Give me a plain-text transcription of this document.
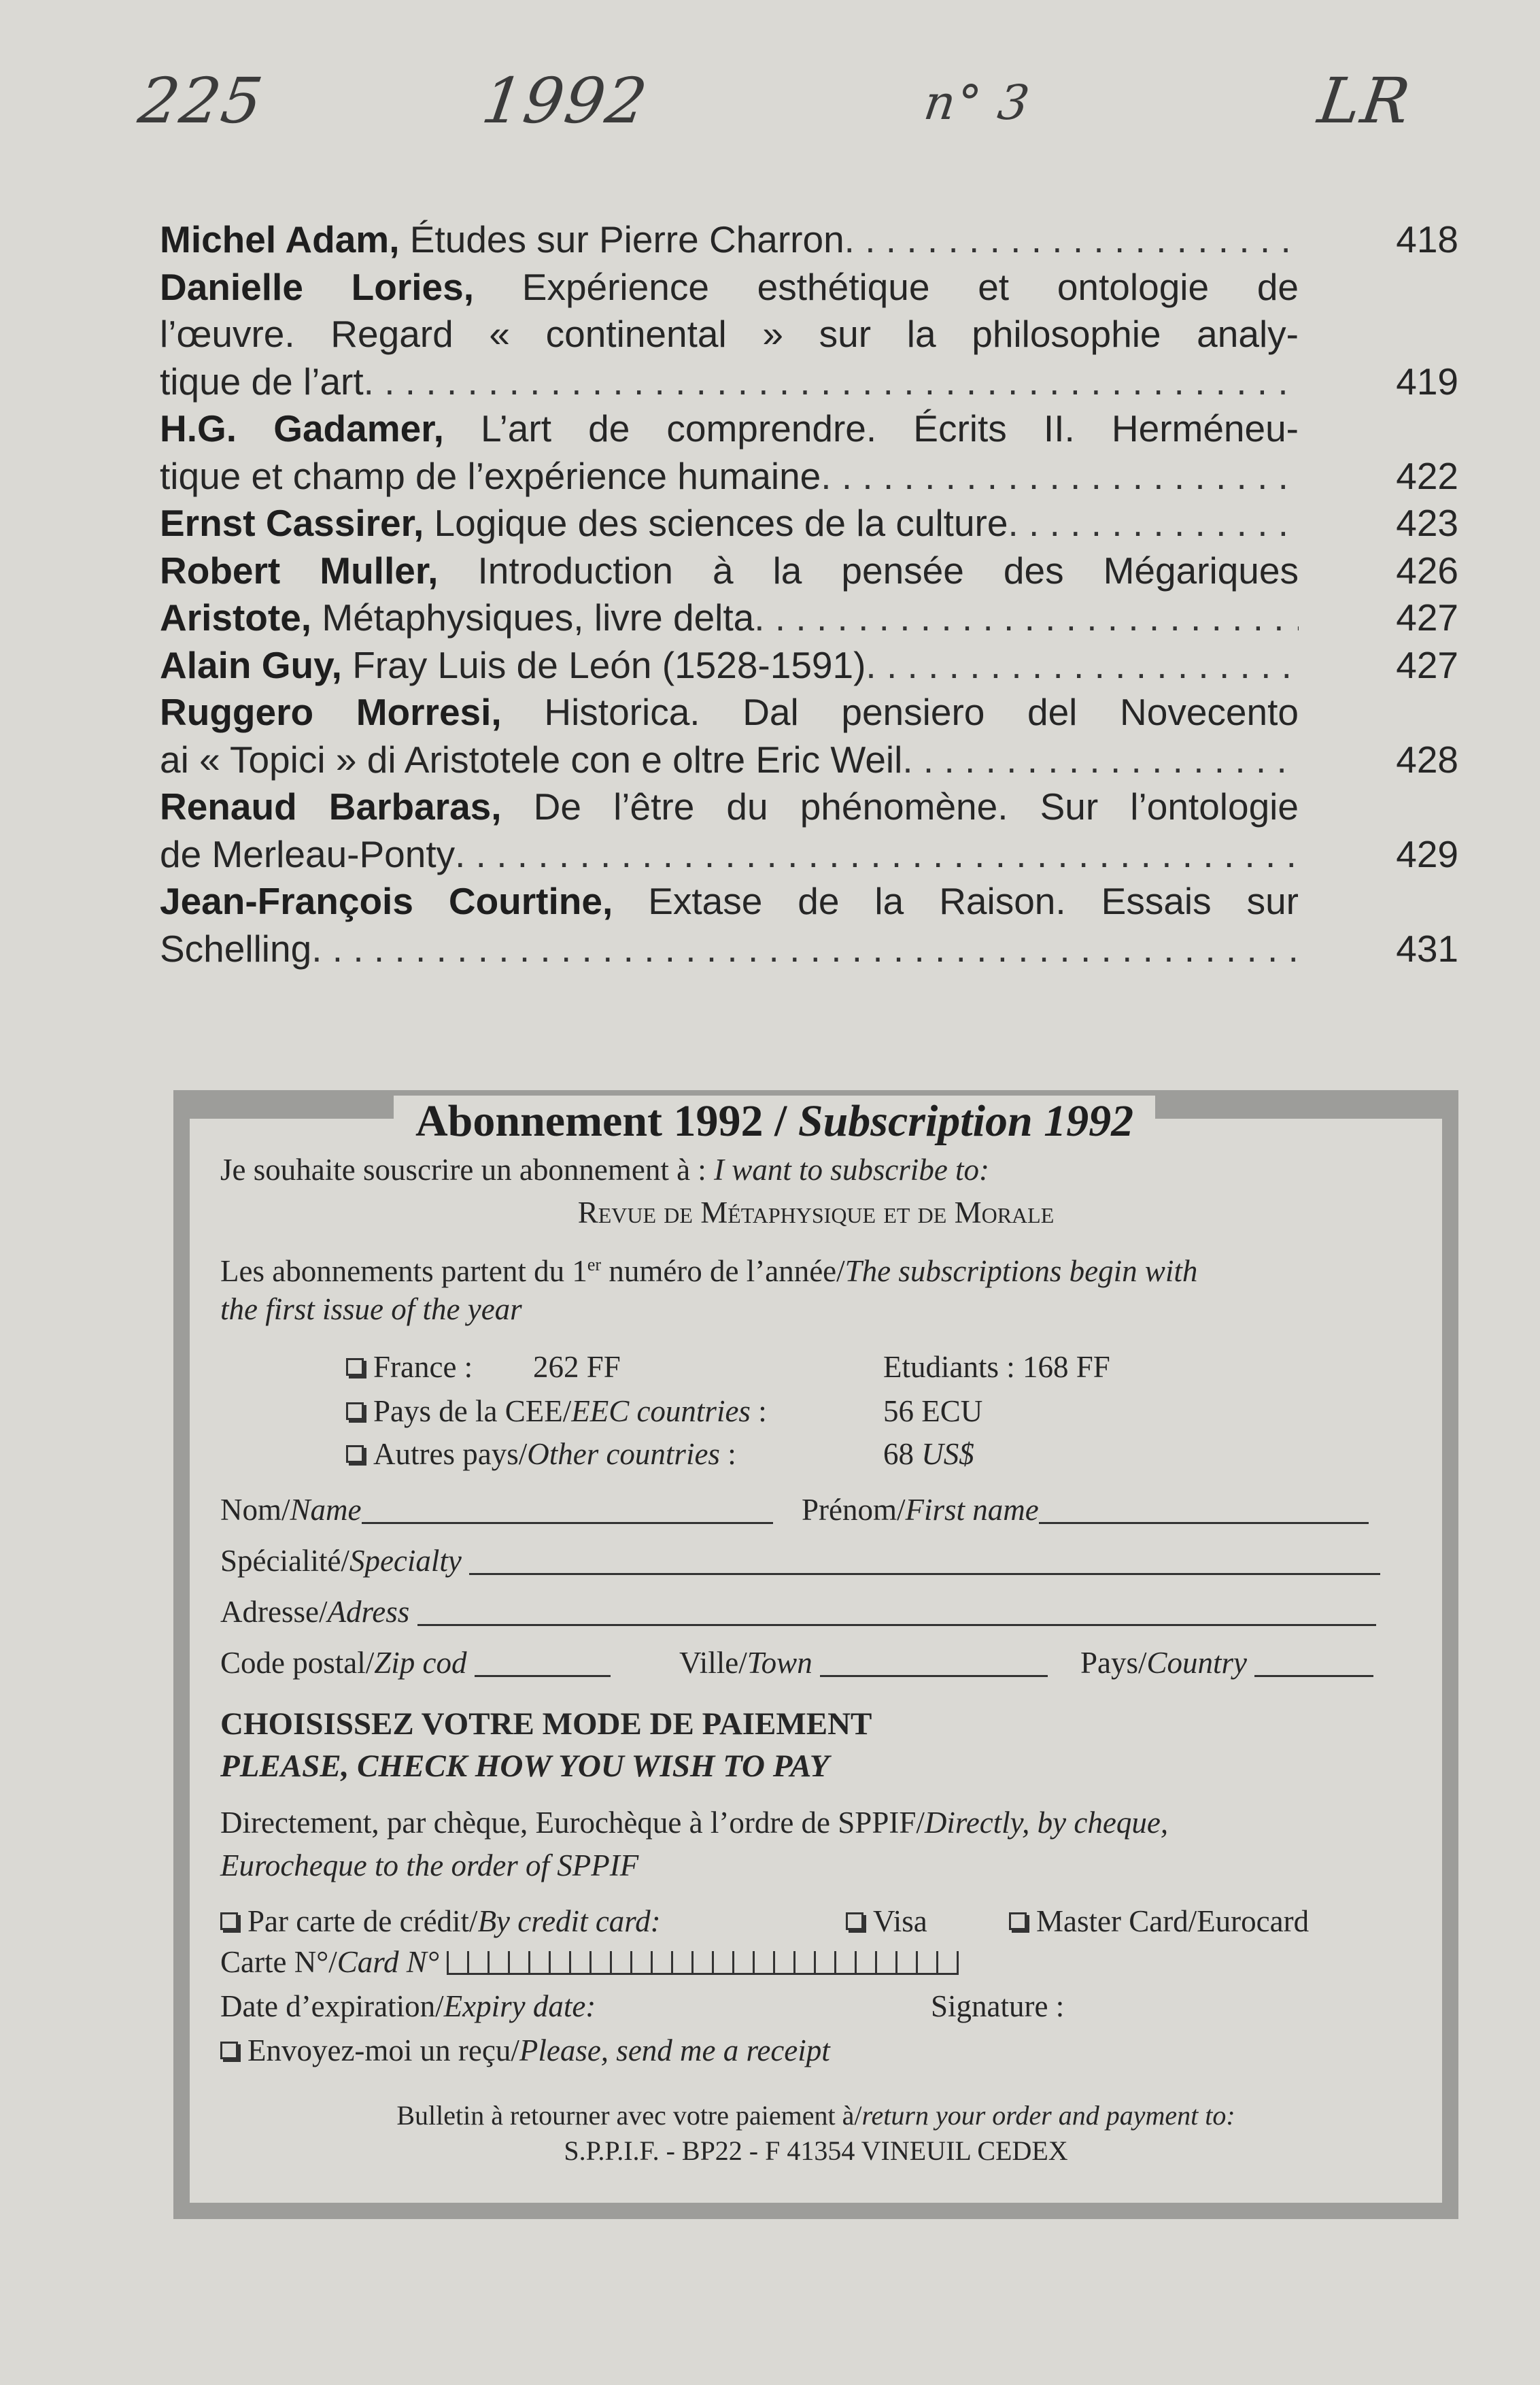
225	1992	n° 3	LR
Michel Adam, Études sur Pierre Charron . . .	418
Danielle Lories, Expérience esthétique et ontologie de
l’œuvre. Regard « continental » sur la philosophie analy-
tique de l’art . . .	419
H.G. Gadamer, L’art de comprendre. Écrits II. Herméneu-
tique et champ de l’expérience humaine . . .	422
Ernst Cassirer, Logique des sciences de la culture . . .	423
Robert Muller, Introduction à la pensée des Mégariques	426
Aristote, Métaphysiques, livre delta . . .	427
Alain Guy, Fray Luis de León (1528-1591) . . .	427
Ruggero Morresi, Historica. Dal pensiero del Novecento
ai « Topici » di Aristotele con e oltre Eric Weil . . .	428
Renaud Barbaras, De l’être du phénomène. Sur l’ontologie
de Merleau-Ponty . . .	429
Jean-François Courtine, Extase de la Raison. Essais sur
Schelling . . .	431
Abonnement 1992 / Subscription 1992
Je souhaite souscrire un abonnement à : I want to subscribe to:
Revue de Métaphysique et de Morale
Les abonnements partent du 1er numéro de l’année/The subscriptions begin with
the first issue of the year
France : 262 FF	Etudiants : 168 FF
Pays de la CEE/EEC countries :	56 ECU
Autres pays/Other countries :	68 US$
Nom/Name	Prénom/First name
Spécialité/Specialty
Adresse/Adress
Code postal/Zip cod	Ville/Town	Pays/Country
CHOISISSEZ VOTRE MODE DE PAIEMENT
PLEASE, CHECK HOW YOU WISH TO PAY
Directement, par chèque, Eurochèque à l’ordre de SPPIF/Directly, by cheque,
Eurocheque to the order of SPPIF
Par carte de crédit/By credit card:	Visa	Master Card/Eurocard
Carte N°/Card N°
Date d’expiration/Expiry date:	Signature :
Envoyez-moi un reçu/Please, send me a receipt
Bulletin à retourner avec votre paiement à/return your order and payment to:
S.P.P.I.F. - BP22 - F 41354 VINEUIL CEDEX
